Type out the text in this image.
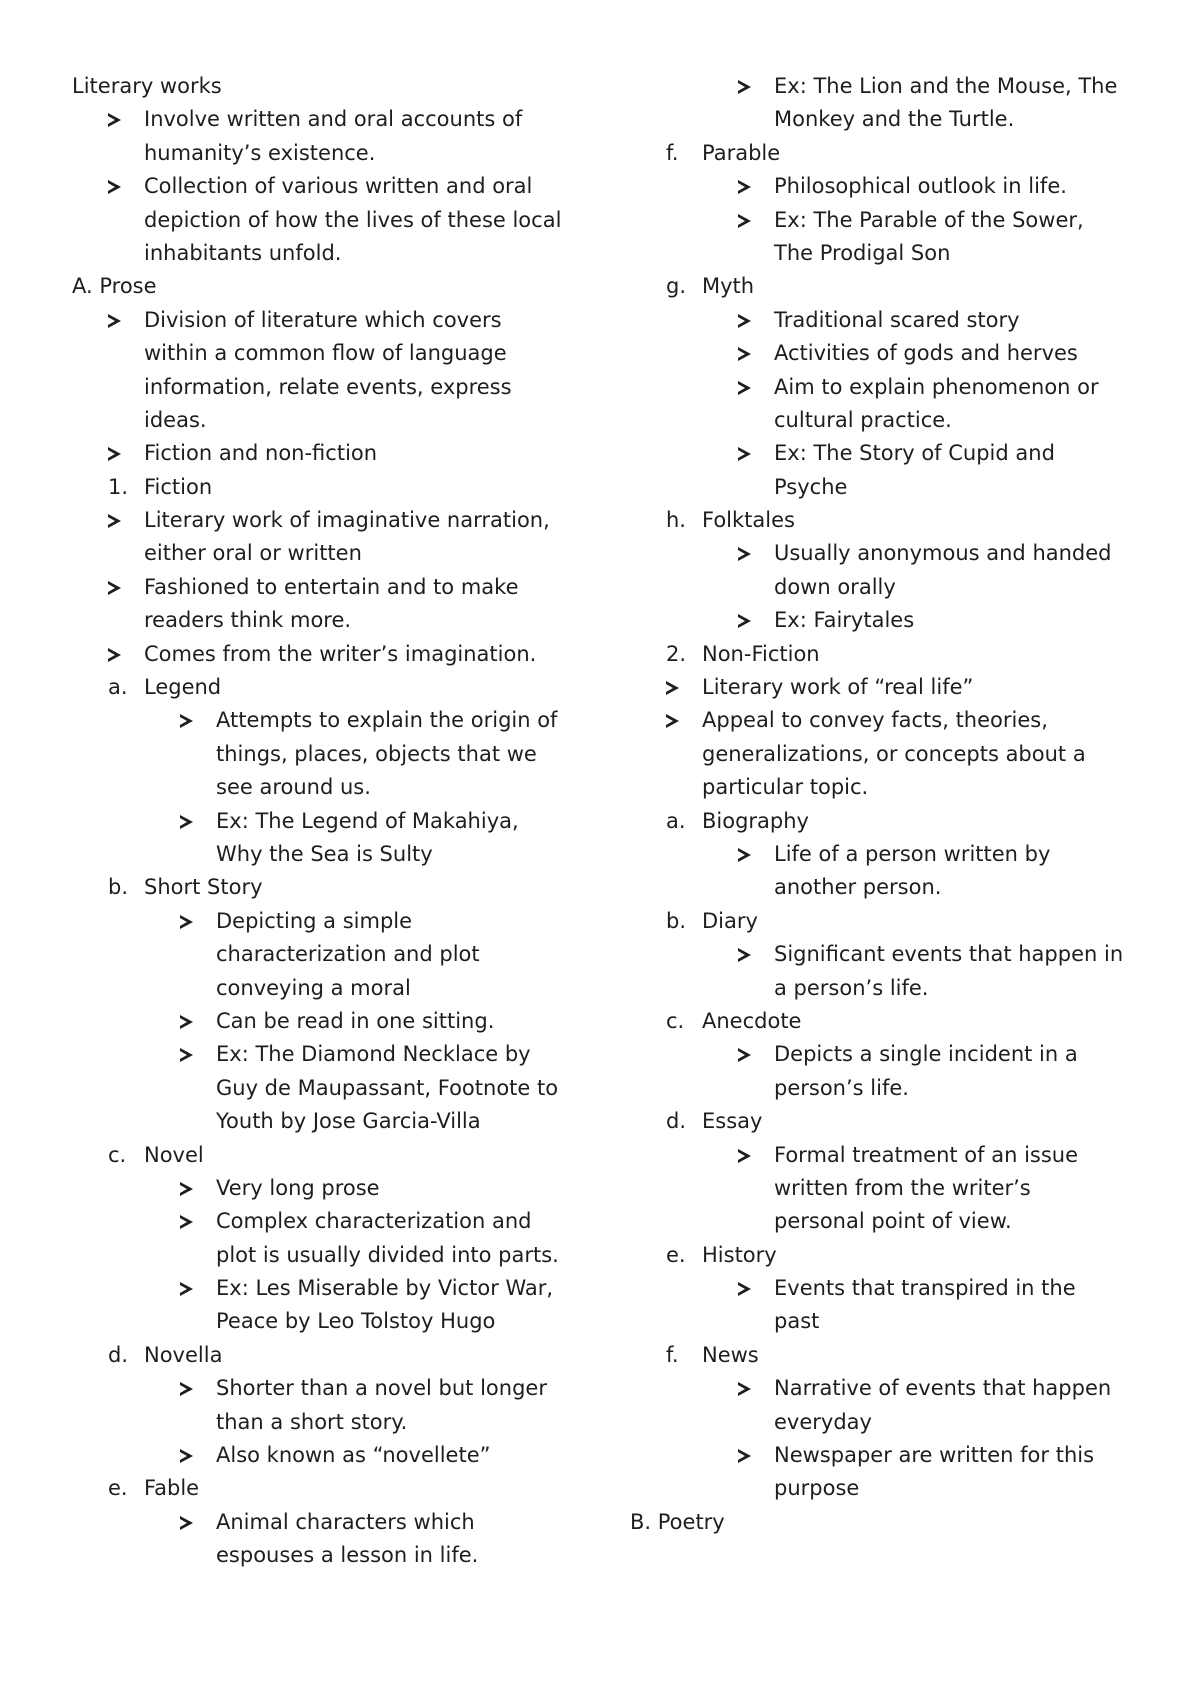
Literary works
Involve written and oral accounts of
humanity’s existence.
Collection of various written and oral
depiction of how the lives of these local
inhabitants unfold.
A. Prose
Division of literature which covers
within a common flow of language
information, relate events, express
ideas.
Fiction and non-fiction
1. Fiction
Literary work of imaginative narration,
either oral or written
Fashioned to entertain and to make
readers think more.
Comes from the writer’s imagination.
a. Legend
Attempts to explain the origin of
things, places, objects that we
see around us.
Ex: The Legend of Makahiya,
Why the Sea is Sulty
b. Short Story
Depicting a simple
characterization and plot
conveying a moral
Can be read in one sitting.
Ex: The Diamond Necklace by
Guy de Maupassant, Footnote to
Youth by Jose Garcia-Villa
c. Novel
Very long prose
Complex characterization and
plot is usually divided into parts.
Ex: Les Miserable by Victor War,
Peace by Leo Tolstoy Hugo
d. Novella
Shorter than a novel but longer
than a short story.
Also known as “novellete”
e. Fable
Animal characters which
espouses a lesson in life.
Ex: The Lion and the Mouse, The
Monkey and the Turtle.
f. Parable
Philosophical outlook in life.
Ex: The Parable of the Sower,
The Prodigal Son
g. Myth
Traditional scared story
Activities of gods and herves
Aim to explain phenomenon or
cultural practice.
Ex: The Story of Cupid and
Psyche
h. Folktales
Usually anonymous and handed
down orally
Ex: Fairytales
2. Non-Fiction
Literary work of “real life”
Appeal to convey facts, theories,
generalizations, or concepts about a
particular topic.
a. Biography
Life of a person written by
another person.
b. Diary
Significant events that happen in
a person’s life.
c. Anecdote
Depicts a single incident in a
person’s life.
d. Essay
Formal treatment of an issue
written from the writer’s
personal point of view.
e. History
Events that transpired in the
past
f. News
Narrative of events that happen
everyday
Newspaper are written for this
purpose
B. Poetry
